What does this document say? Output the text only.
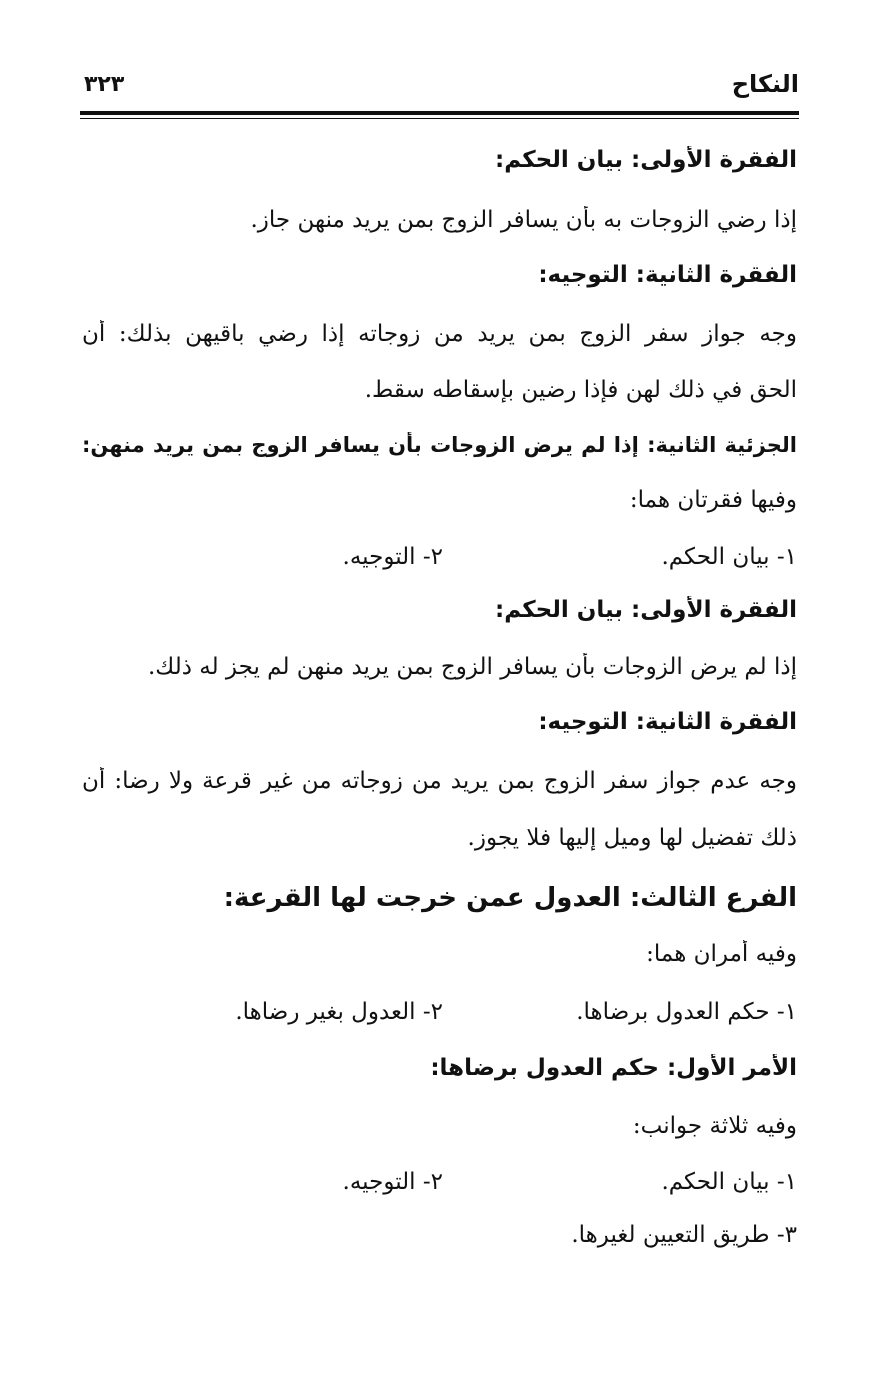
النكاح
٣٢٣
الفقرة الأولى: بيان الحكم:
إذا رضي الزوجات به بأن يسافر الزوج بمن يريد منهن جاز.
الفقرة الثانية: التوجيه:
وجه جواز سفر الزوج بمن يريد من زوجاته إذا رضي باقيهن بذلك: أن
الحق في ذلك لهن فإذا رضين بإسقاطه سقط.
الجزئية الثانية: إذا لم يرض الزوجات بأن يسافر الزوج بمن يريد منهن:
وفيها فقرتان هما:
١- بيان الحكم.
٢- التوجيه.
الفقرة الأولى: بيان الحكم:
إذا لم يرض الزوجات بأن يسافر الزوج بمن يريد منهن لم يجز له ذلك.
الفقرة الثانية: التوجيه:
وجه عدم جواز سفر الزوج بمن يريد من زوجاته من غير قرعة ولا رضا: أن
ذلك تفضيل لها وميل إليها فلا يجوز.
الفرع الثالث: العدول عمن خرجت لها القرعة:
وفيه أمران هما:
١- حكم العدول برضاها.
٢- العدول بغير رضاها.
الأمر الأول: حكم العدول برضاها:
وفيه ثلاثة جوانب:
١- بيان الحكم.
٢- التوجيه.
٣- طريق التعيين لغيرها.
